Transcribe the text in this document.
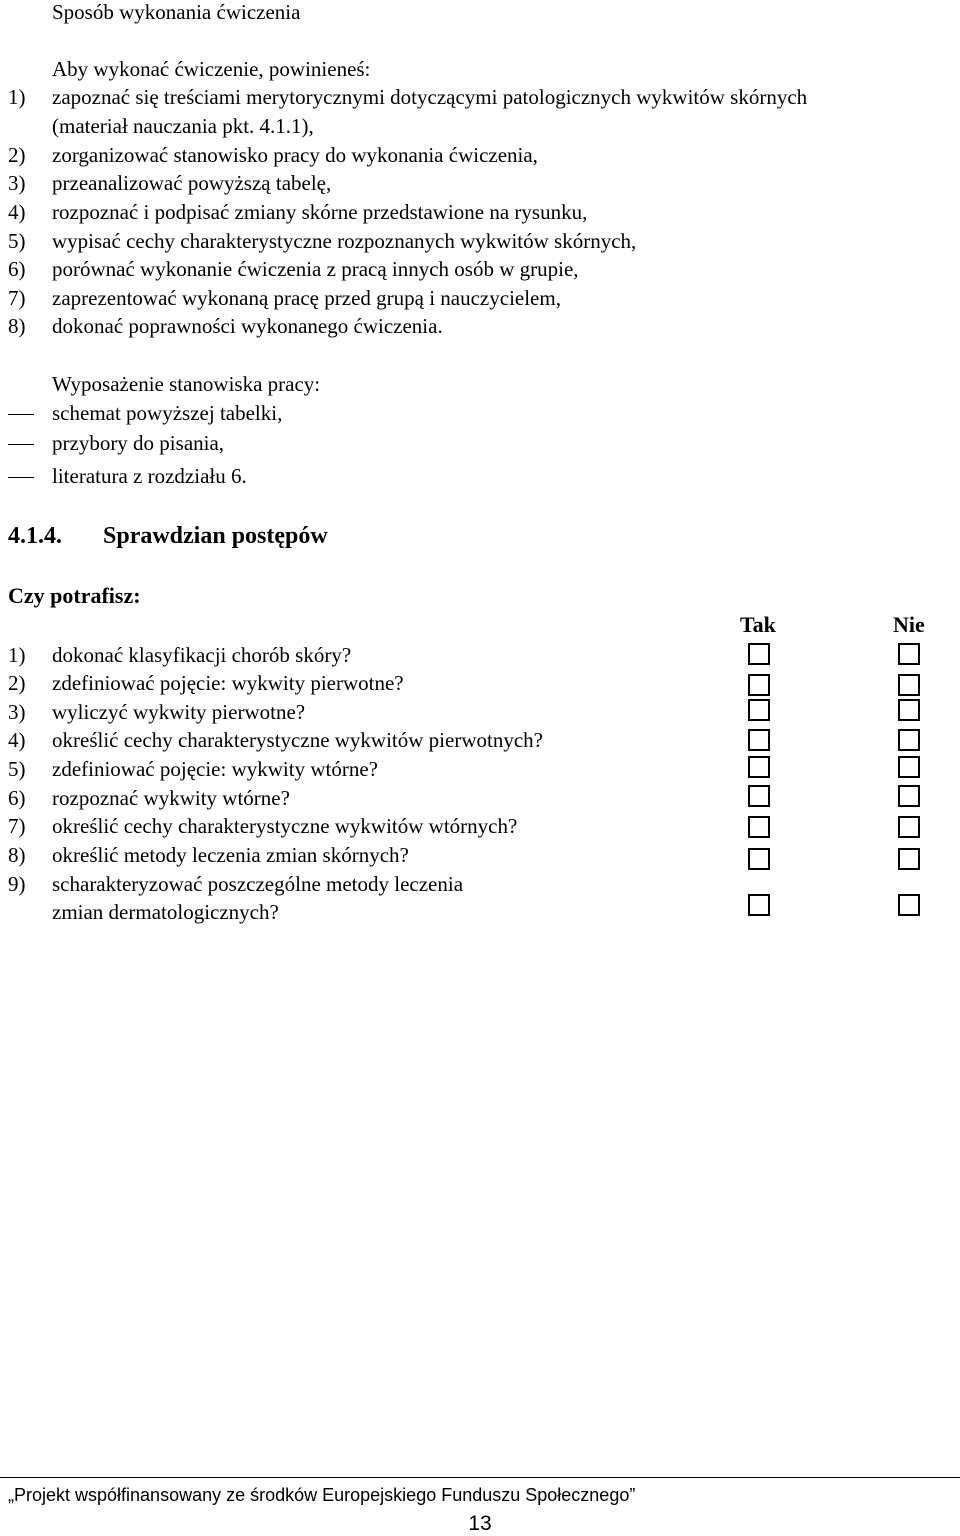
Sposób wykonania ćwiczenia
Aby wykonać ćwiczenie, powinieneś:
1) zapoznać się treściami merytorycznymi dotyczącymi patologicznych wykwitów skórnych
(materiał nauczania pkt. 4.1.1),
2) zorganizować stanowisko pracy do wykonania ćwiczenia,
3) przeanalizować powyższą tabelę,
4) rozpoznać i podpisać zmiany skórne przedstawione na rysunku,
5) wypisać cechy charakterystyczne rozpoznanych wykwitów skórnych,
6) porównać wykonanie ćwiczenia z pracą innych osób w grupie,
7) zaprezentować wykonaną pracę przed grupą i nauczycielem,
8) dokonać poprawności wykonanego ćwiczenia.
Wyposażenie stanowiska pracy:
schemat powyższej tabelki,
przybory do pisania,
literatura z rozdziału 6.
4.1.4. Sprawdzian postępów
Czy potrafisz:
Tak	Nie
1) dokonać klasyfikacji chorób skóry?
2) zdefiniować pojęcie: wykwity pierwotne?
3) wyliczyć wykwity pierwotne?
4) określić cechy charakterystyczne wykwitów pierwotnych?
5) zdefiniować pojęcie: wykwity wtórne?
6) rozpoznać wykwity wtórne?
7) określić cechy charakterystyczne wykwitów wtórnych?
8) określić metody leczenia zmian skórnych?
9) scharakteryzować poszczególne metody leczenia
zmian dermatologicznych?
„Projekt współfinansowany ze środków Europejskiego Funduszu Społecznego”
13
